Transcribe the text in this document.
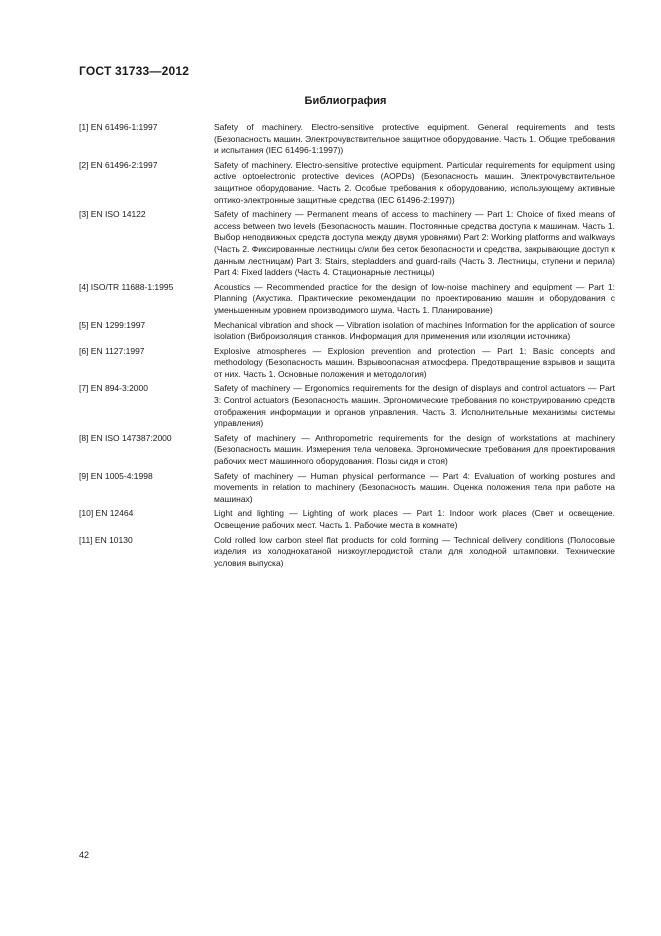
ГОСТ 31733—2012
Библиография
[1] EN 61496-1:1997	Safety of machinery. Electro-sensitive protective equipment. General requirements and tests (Безопасность машин. Электрочувствительное защитное оборудование. Часть 1. Общие требования и испытания (IEC 61496-1:1997))
[2] EN 61496-2:1997	Safety of machinery. Electro-sensitive protective equipment. Particular requirements for equipment using active optoelectronic protective devices (AOPDs) (Безопасность машин. Электрочувствительное защитное оборудование. Часть 2. Особые требования к оборудованию, использующему активные оптико-электронные защитные средства (IEC 61496-2:1997))
[3] EN ISO 14122	Safety of machinery — Permanent means of access to machinery — Part 1: Choice of fixed means of access between two levels (Безопасность машин. Постоянные средства доступа к машинам. Часть 1. Выбор неподвижных средств доступа между двумя уровнями) Part 2: Working platforms and walkways (Часть 2. Фиксированные лестницы с/или без сеток безопасности и средства, закрывающие доступ к данным лестницам) Part 3: Stairs, stepladders and guard-rails (Часть 3. Лестницы, ступени и перила) Part 4: Fixed ladders (Часть 4. Стационарные лестницы)
[4] ISO/TR 11688-1:1995	Acoustics — Recommended practice for the design of low-noise machinery and equipment — Part 1: Planning (Акустика. Практические рекомендации по проектированию машин и оборудования с уменьшенным уровнем производимого шума. Часть 1. Планирование)
[5] EN 1299:1997	Mechanical vibration and shock — Vibration isolation of machines Information for the application of source isolation (Виброизоляция станков. Информация для применения или изоляции источника)
[6] EN 1127:1997	Explosive atmospheres — Explosion prevention and protection — Part 1: Basic concepts and methodology (Безопасность машин. Взрывоопасная атмосфера. Предотвращение взрывов и защита от них. Часть 1. Основные положения и методология)
[7] EN 894-3:2000	Safety of machinery — Ergonomics requirements for the design of displays and control actuators — Part 3: Control actuators (Безопасность машин. Эргономические требования по конструированию средств отображения информации и органов управления. Часть 3. Исполнительные механизмы системы управления)
[8] EN ISO 147387:2000	Safety of machinery — Anthropometric requirements for the design of workstations at machinery (Безопасность машин. Измерения тела человека. Эргономические требования для проектирования рабочих мест машинного оборудования. Позы сидя и стоя)
[9] EN 1005-4:1998	Safety of machinery — Human physical performance — Part 4: Evaluation of working postures and movements in relation to machinery (Безопасность машин. Оценка положения тела при работе на машинах)
[10] EN 12464	Light and lighting — Lighting of work places — Part 1: Indoor work places (Свет и освещение. Освещение рабочих мест. Часть 1. Рабочие места в комнате)
[11] EN 10130	Cold rolled low carbon steel flat products for cold forming — Technical delivery conditions (Полосовые изделия из холоднокатаной низкоуглеродистой стали для холодной штамповки. Технические условия выпуска)
42
